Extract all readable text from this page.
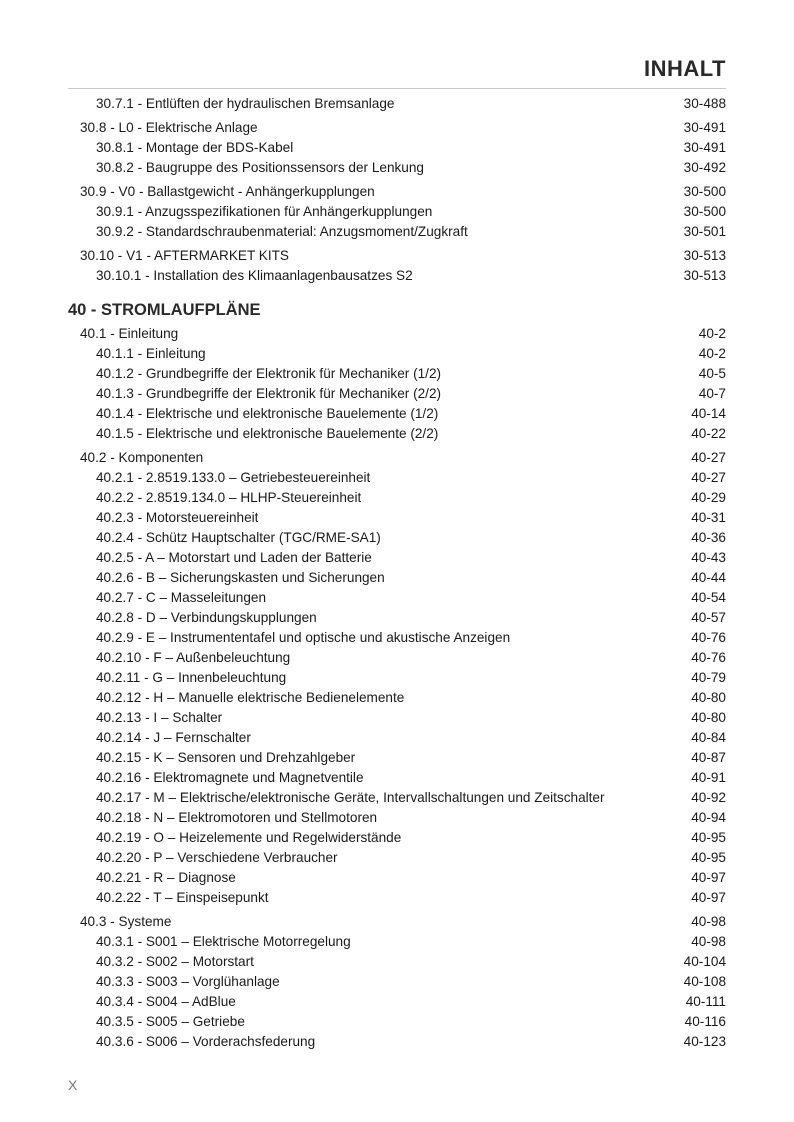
INHALT
30.7.1 - Entlüften der hydraulischen Bremsanlage	30-488
30.8 - L0 - Elektrische Anlage	30-491
30.8.1 - Montage der BDS-Kabel	30-491
30.8.2 - Baugruppe des Positionssensors der Lenkung	30-492
30.9 - V0 - Ballastgewicht - Anhängerkupplungen	30-500
30.9.1 - Anzugsspezifikationen für Anhängerkupplungen	30-500
30.9.2 - Standardschraubenmaterial: Anzugsmoment/Zugkraft	30-501
30.10 - V1 - AFTERMARKET KITS	30-513
30.10.1 - Installation des Klimaanlagenbausatzes S2	30-513
40 - STROMLAUFPLÄNE
40.1 - Einleitung	40-2
40.1.1 - Einleitung	40-2
40.1.2 - Grundbegriffe der Elektronik für Mechaniker (1/2)	40-5
40.1.3 - Grundbegriffe der Elektronik für Mechaniker (2/2)	40-7
40.1.4 - Elektrische und elektronische Bauelemente (1/2)	40-14
40.1.5 - Elektrische und elektronische Bauelemente (2/2)	40-22
40.2 - Komponenten	40-27
40.2.1 - 2.8519.133.0 – Getriebesteuereinheit	40-27
40.2.2 - 2.8519.134.0 – HLHP-Steuereinheit	40-29
40.2.3 - Motorsteuereinheit	40-31
40.2.4 - Schütz Hauptschalter (TGC/RME-SA1)	40-36
40.2.5 - A – Motorstart und Laden der Batterie	40-43
40.2.6 - B – Sicherungskasten und Sicherungen	40-44
40.2.7 - C – Masseleitungen	40-54
40.2.8 - D – Verbindungskupplungen	40-57
40.2.9 - E – Instrumententafel und optische und akustische Anzeigen	40-76
40.2.10 - F – Außenbeleuchtung	40-76
40.2.11 - G – Innenbeleuchtung	40-79
40.2.12 - H – Manuelle elektrische Bedienelemente	40-80
40.2.13 - I – Schalter	40-80
40.2.14 - J – Fernschalter	40-84
40.2.15 - K – Sensoren und Drehzahlgeber	40-87
40.2.16 - Elektromagnete und Magnetventile	40-91
40.2.17 - M – Elektrische/elektronische Geräte, Intervallschaltungen und Zeitschalter	40-92
40.2.18 - N – Elektromotoren und Stellmotoren	40-94
40.2.19 - O – Heizelemente und Regelwiderstände	40-95
40.2.20 - P – Verschiedene Verbraucher	40-95
40.2.21 - R – Diagnose	40-97
40.2.22 - T – Einspeisepunkt	40-97
40.3 - Systeme	40-98
40.3.1 - S001 – Elektrische Motorregelung	40-98
40.3.2 - S002 – Motorstart	40-104
40.3.3 - S003 – Vorglühanlage	40-108
40.3.4 - S004 – AdBlue	40-111
40.3.5 - S005 – Getriebe	40-116
40.3.6 - S006 – Vorderachsfederung	40-123
X
